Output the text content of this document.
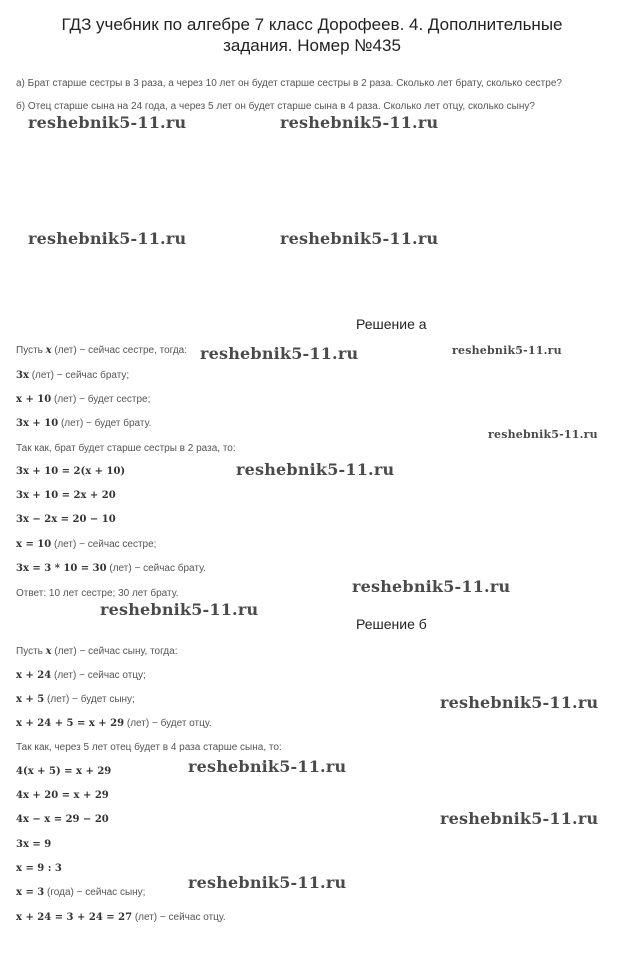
ГДЗ учебник по алгебре 7 класс Дорофеев. 4. Дополнительные
задания. Номер №435
а) Брат старше сестры в 3 раза, а через 10 лет он будет старше сестры в 2 раза. Сколько лет брату, сколько сестре?
б) Отец старше сына на 24 года, а через 5 лет он будет старше сына в 4 раза. Сколько лет отцу, сколько сыну?
reshebnik5-11.ru	reshebnik5-11.ru
reshebnik5-11.ru	reshebnik5-11.ru
Решение а
Пусть x (лет) − сейчас сестре, тогда: reshebnik5-11.ru	reshebnik5-11.ru
3x (лет) − сейчас брату;
x + 10 (лет) − будет сестре;
3x + 10 (лет) − будет брату.
reshebnik5-11.ru
Так как, брат будет старше сестры в 2 раза, то:
3x + 10 = 2(x + 10)	reshebnik5-11.ru
3x + 10 = 2x + 20
3x − 2x = 20 − 10
x = 10 (лет) − сейчас сестре;
3x = 3 * 10 = 30 (лет) − сейчас брату.
reshebnik5-11.ru
Ответ: 10 лет сестре; 30 лет брату.
reshebnik5-11.ru
Решение б
Пусть x (лет) − сейчас сыну, тогда:
x + 24 (лет) − сейчас отцу;
x + 5 (лет) − будет сыну;	reshebnik5-11.ru
x + 24 + 5 = x + 29 (лет) − будет отцу.
Так как, через 5 лет отец будет в 4 раза старше сына, то:
4(x + 5) = x + 29	reshebnik5-11.ru
4x + 20 = x + 29
4x − x = 29 − 20	reshebnik5-11.ru
3x = 9
x = 9 : 3
reshebnik5-11.ru
x = 3 (года) − сейчас сыну;
x + 24 = 3 + 24 = 27 (лет) − сейчас отцу.
